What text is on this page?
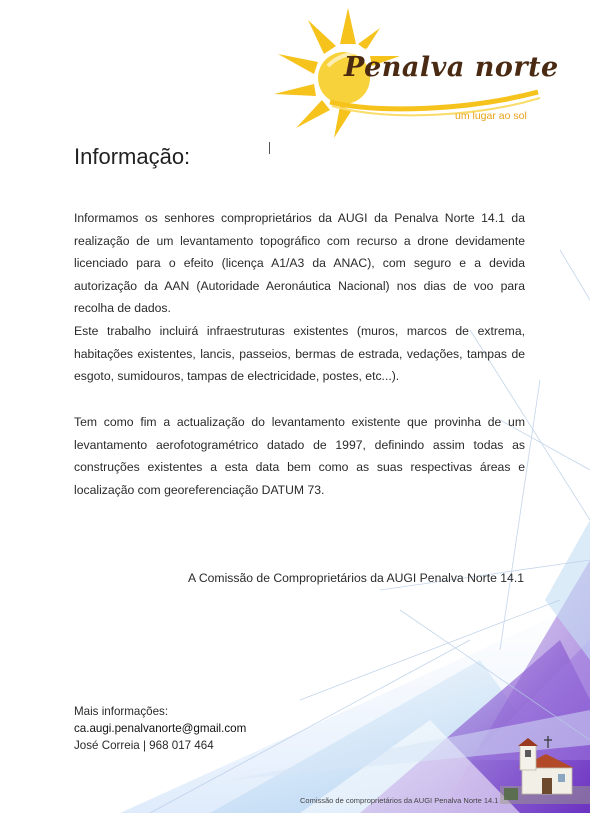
Penalva norte
um lugar ao sol
Informação:

Informamos os senhores comproprietários da AUGI da Penalva Norte 14.1 da realização de um levantamento topográfico com recurso a drone devidamente licenciado para o efeito (licença A1/A3 da ANAC), com seguro e a devida autorização da AAN (Autoridade Aeronáutica Nacional) nos dias de voo para recolha de dados.

Este trabalho incluirá infraestruturas existentes (muros, marcos de extrema, habitações existentes, lancis, passeios, bermas de estrada, vedações, tampas de esgoto, sumidouros, tampas de electricidade, postes, etc...).

Tem como fim a actualização do levantamento existente que provinha de um levantamento aerofotogramétrico datado de 1997, definindo assim todas as construções existentes a esta data bem como as suas respectivas áreas e localização com georeferenciação DATUM 73.

A Comissão de Comproprietários da AUGI Penalva Norte 14.1
Mais informações:
ca.augi.penalvanorte@gmail.com
José Correia | 968 017 464
Comissão de comproprietários da AUGI Penalva Norte 14.1
